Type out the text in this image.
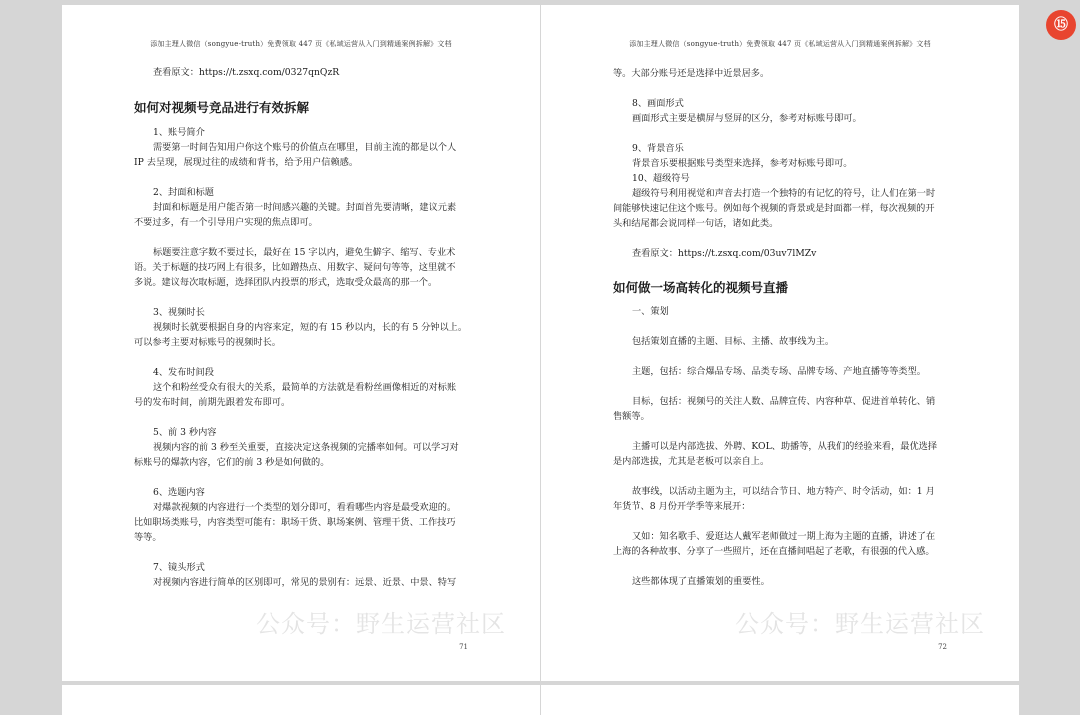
⑮
添加主理人微信（songyue-truth）免费领取 447 页《私域运营从入门到精通案例拆解》文档

查看原文：https://t.zsxq.com/0327qnQzR

如何对视频号竞品进行有效拆解

1、账号简介

需要第一时间告知用户你这个账号的价值点在哪里，目前主流的都是以个人

IP 去呈现，展现过往的成绩和背书，给予用户信赖感。

2、封面和标题

封面和标题是用户能否第一时间感兴趣的关键。封面首先要清晰，建议元素

不要过多，有一个引导用户实现的焦点即可。

标题要注意字数不要过长，最好在 15 字以内，避免生僻字、缩写、专业术

语。关于标题的技巧网上有很多，比如蹭热点、用数字、疑问句等等，这里就不

多说。建议每次取标题，选择团队内投票的形式，选取受众最高的那一个。

3、视频时长

视频时长就要根据自身的内容来定，短的有 15 秒以内，长的有 5 分钟以上。

可以参考主要对标账号的视频时长。

4、发布时间段

这个和粉丝受众有很大的关系，最简单的方法就是看粉丝画像相近的对标账

号的发布时间，前期先跟着发布即可。

5、前 3 秒内容

视频内容的前 3 秒至关重要，直接决定这条视频的完播率如何。可以学习对

标账号的爆款内容，它们的前 3 秒是如何做的。

6、选题内容

对爆款视频的内容进行一个类型的划分即可，看看哪些内容是最受欢迎的。

比如职场类账号，内容类型可能有：职场干货、职场案例、管理干货、工作技巧

等等。

7、镜头形式

对视频内容进行简单的区别即可，常见的景别有：远景、近景、中景、特写

公众号：野生运营社区
71
添加主理人微信（songyue-truth）免费领取 447 页《私域运营从入门到精通案例拆解》文档

等。大部分账号还是选择中近景居多。

8、画面形式

画面形式主要是横屏与竖屏的区分，参考对标账号即可。

9、背景音乐

背景音乐要根据账号类型来选择，参考对标账号即可。

10、超级符号

超级符号利用视觉和声音去打造一个独特的有记忆的符号，让人们在第一时

间能够快速记住这个账号。例如每个视频的背景或是封面都一样，每次视频的开

头和结尾都会说同样一句话，诸如此类。

查看原文：https://t.zsxq.com/03uv7lMZv

如何做一场高转化的视频号直播

一、策划

包括策划直播的主题、目标、主播、故事线为主。

主题，包括：综合爆品专场、品类专场、品牌专场、产地直播等等类型。

目标，包括：视频号的关注人数、品牌宣传、内容种草、促进首单转化、销

售额等。

主播可以是内部选拔、外聘、KOL、助播等，从我们的经验来看，最优选择

是内部选拔，尤其是老板可以亲自上。

故事线，以活动主题为主，可以结合节日、地方特产、时令活动，如：1 月

年货节、8 月份开学季等来展开：

又如：知名歌手、爱逛达人戴军老师做过一期上海为主题的直播，讲述了在

上海的各种故事、分享了一些照片，还在直播间唱起了老歌，有很强的代入感。

这些都体现了直播策划的重要性。

公众号：野生运营社区
72
